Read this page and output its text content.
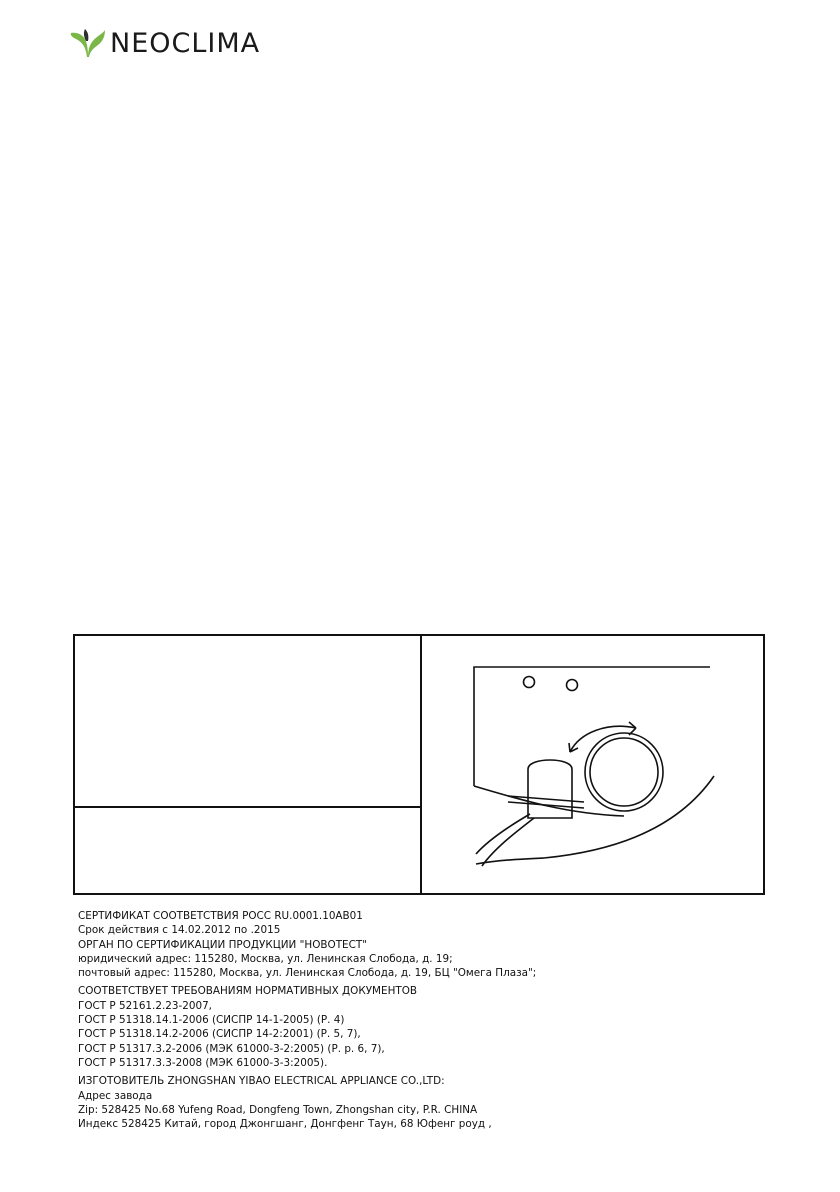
NEOCLIMA
СЕРТИФИКАТ СООТВЕТСТВИЯ РОСС RU.0001.10AB01
Срок действия с 14.02.2012 по .2015
ОРГАН ПО СЕРТИФИКАЦИИ ПРОДУКЦИИ "НОВОТЕСТ"
юридический адрес: 115280, Москва, ул. Ленинская Слобода, д. 19;
почтовый адрес: 115280, Москва, ул. Ленинская Слобода, д. 19, БЦ "Омега Плаза";
СООТВЕТСТВУЕТ ТРЕБОВАНИЯМ НОРМАТИВНЫХ ДОКУМЕНТОВ
ГОСТ Р 52161.2.23-2007,
ГОСТ Р 51318.14.1-2006 (СИСПР 14-1-2005) (Р. 4)
ГОСТ Р 51318.14.2-2006 (СИСПР 14-2:2001) (Р. 5, 7),
ГОСТ Р 51317.3.2-2006 (МЭК 61000-3-2:2005) (Р. р. 6, 7),
ГОСТ Р 51317.3.3-2008 (МЭК 61000-3-3:2005).
ИЗГОТОВИТЕЛЬ ZHONGSHAN YIBAO ELECTRICAL APPLIANCE CO.,LTD:
Адрес завода
Zip: 528425 No.68 Yufeng Road, Dongfeng Town, Zhongshan city, P.R. CHINA
Индекс 528425 Китай, город Джонгшанг, Донгфенг Таун, 68 Юфенг роуд ,
